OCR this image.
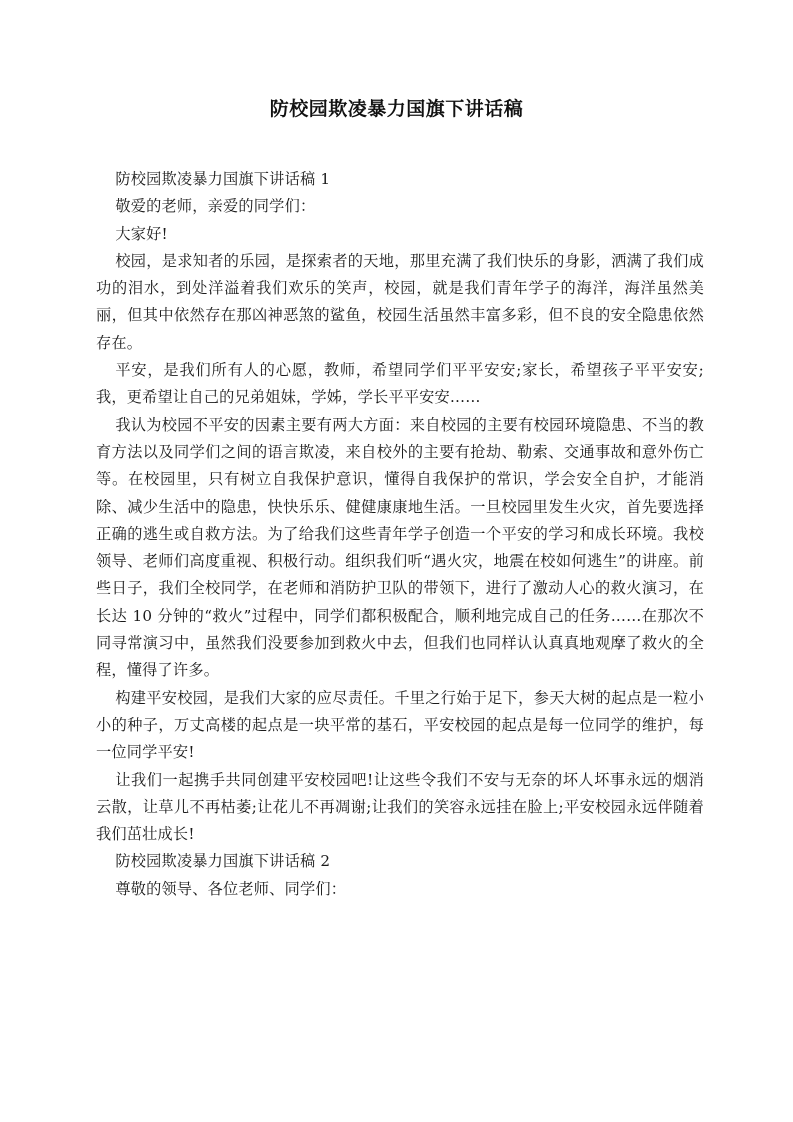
防校园欺凌暴力国旗下讲话稿

防校园欺凌暴力国旗下讲话稿 1

敬爱的老师，亲爱的同学们：

大家好!

校园，是求知者的乐园，是探索者的天地，那里充满了我们快乐的身影，洒满了我们成功的泪水，到处洋溢着我们欢乐的笑声，校园，就是我们青年学子的海洋，海洋虽然美丽，但其中依然存在那凶神恶煞的鲨鱼，校园生活虽然丰富多彩，但不良的安全隐患依然存在。

平安，是我们所有人的心愿，教师，希望同学们平平安安;家长，希望孩子平平安安;我，更希望让自己的兄弟姐妹，学姊，学长平平安安……

我认为校园不平安的因素主要有两大方面：来自校园的主要有校园环境隐患、不当的教育方法以及同学们之间的语言欺凌，来自校外的主要有抢劫、勒索、交通事故和意外伤亡等。在校园里，只有树立自我保护意识，懂得自我保护的常识，学会安全自护，才能消除、减少生活中的隐患，快快乐乐、健健康康地生活。一旦校园里发生火灾，首先要选择正确的逃生或自救方法。为了给我们这些青年学子创造一个平安的学习和成长环境。我校领导、老师们高度重视、积极行动。组织我们听“遇火灾，地震在校如何逃生”的讲座。前些日子，我们全校同学，在老师和消防护卫队的带领下，进行了激动人心的救火演习，在长达 10 分钟的“救火”过程中，同学们都积极配合，顺利地完成自己的任务……在那次不同寻常演习中，虽然我们没要参加到救火中去，但我们也同样认认真真地观摩了救火的全程，懂得了许多。

构建平安校园，是我们大家的应尽责任。千里之行始于足下，参天大树的起点是一粒小小的种子，万丈高楼的起点是一块平常的基石，平安校园的起点是每一位同学的维护，每一位同学平安!

让我们一起携手共同创建平安校园吧!让这些令我们不安与无奈的坏人坏事永远的烟消云散，让草儿不再枯萎;让花儿不再凋谢;让我们的笑容永远挂在脸上;平安校园永远伴随着我们茁壮成长!

防校园欺凌暴力国旗下讲话稿 2

尊敬的领导、各位老师、同学们：
